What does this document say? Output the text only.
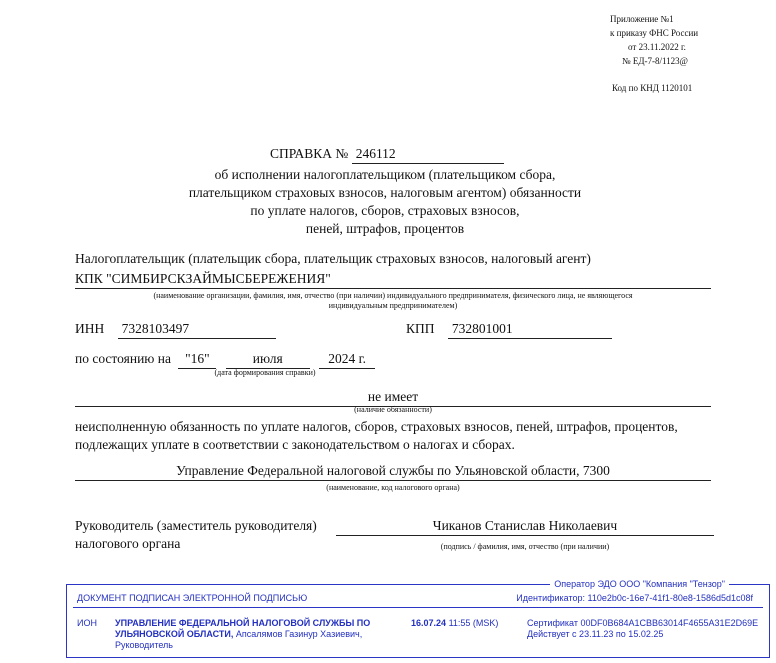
Приложение №1
к приказу ФНС России
от 23.11.2022 г.
№ ЕД-7-8/1123@
Код по КНД 1120101
СПРАВКА № 246112
об исполнении налогоплательщиком (плательщиком сбора,
плательщиком страховых взносов, налоговым агентом) обязанности
по уплате налогов, сборов, страховых взносов,
пеней, штрафов, процентов
Налогоплательщик (плательщик сбора, плательщик страховых взносов, налоговый агент)
КПК "СИМБИРСКЗАЙМЫСБЕРЕЖЕНИЯ"
(наименование организации, фамилия, имя, отчество (при наличии) индивидуального предпринимателя, физического лица, не являющегося
индивидуальным предпринимателем)
ИНН 7328103497	КПП 732801001
по состоянию на "16"	июля	2024 г.
(дата формирования справки)
не имеет
(наличие обязанности)
неисполненную обязанность по уплате налогов, сборов, страховых взносов, пеней, штрафов, процентов,
подлежащих уплате в соответствии с законодательством о налогах и сборах.
Управление Федеральной налоговой службы по Ульяновской области, 7300
(наименование, код налогового органа)
Руководитель (заместитель руководителя)
налогового органа
Чиканов Станислав Николаевич
(подпись / фамилия, имя, отчество (при наличии)
Оператор ЭДО ООО "Компания "Тензор"
ДОКУМЕНТ ПОДПИСАН ЭЛЕКТРОННОЙ ПОДПИСЬЮ	Идентификатор: 110e2b0c-16e7-41f1-80e8-1586d5d1c08f
ИОН УПРАВЛЕНИЕ ФЕДЕРАЛЬНОЙ НАЛОГОВОЙ СЛУЖБЫ ПО
УЛЬЯНОВСКОЙ ОБЛАСТИ, Апсалямов Газинур Хазиевич,
Руководитель
16.07.24 11:55 (MSK)	Сертификат 00DF0B684A1CBB63014F4655A31E2D69E
Действует с 23.11.23 по 15.02.25
